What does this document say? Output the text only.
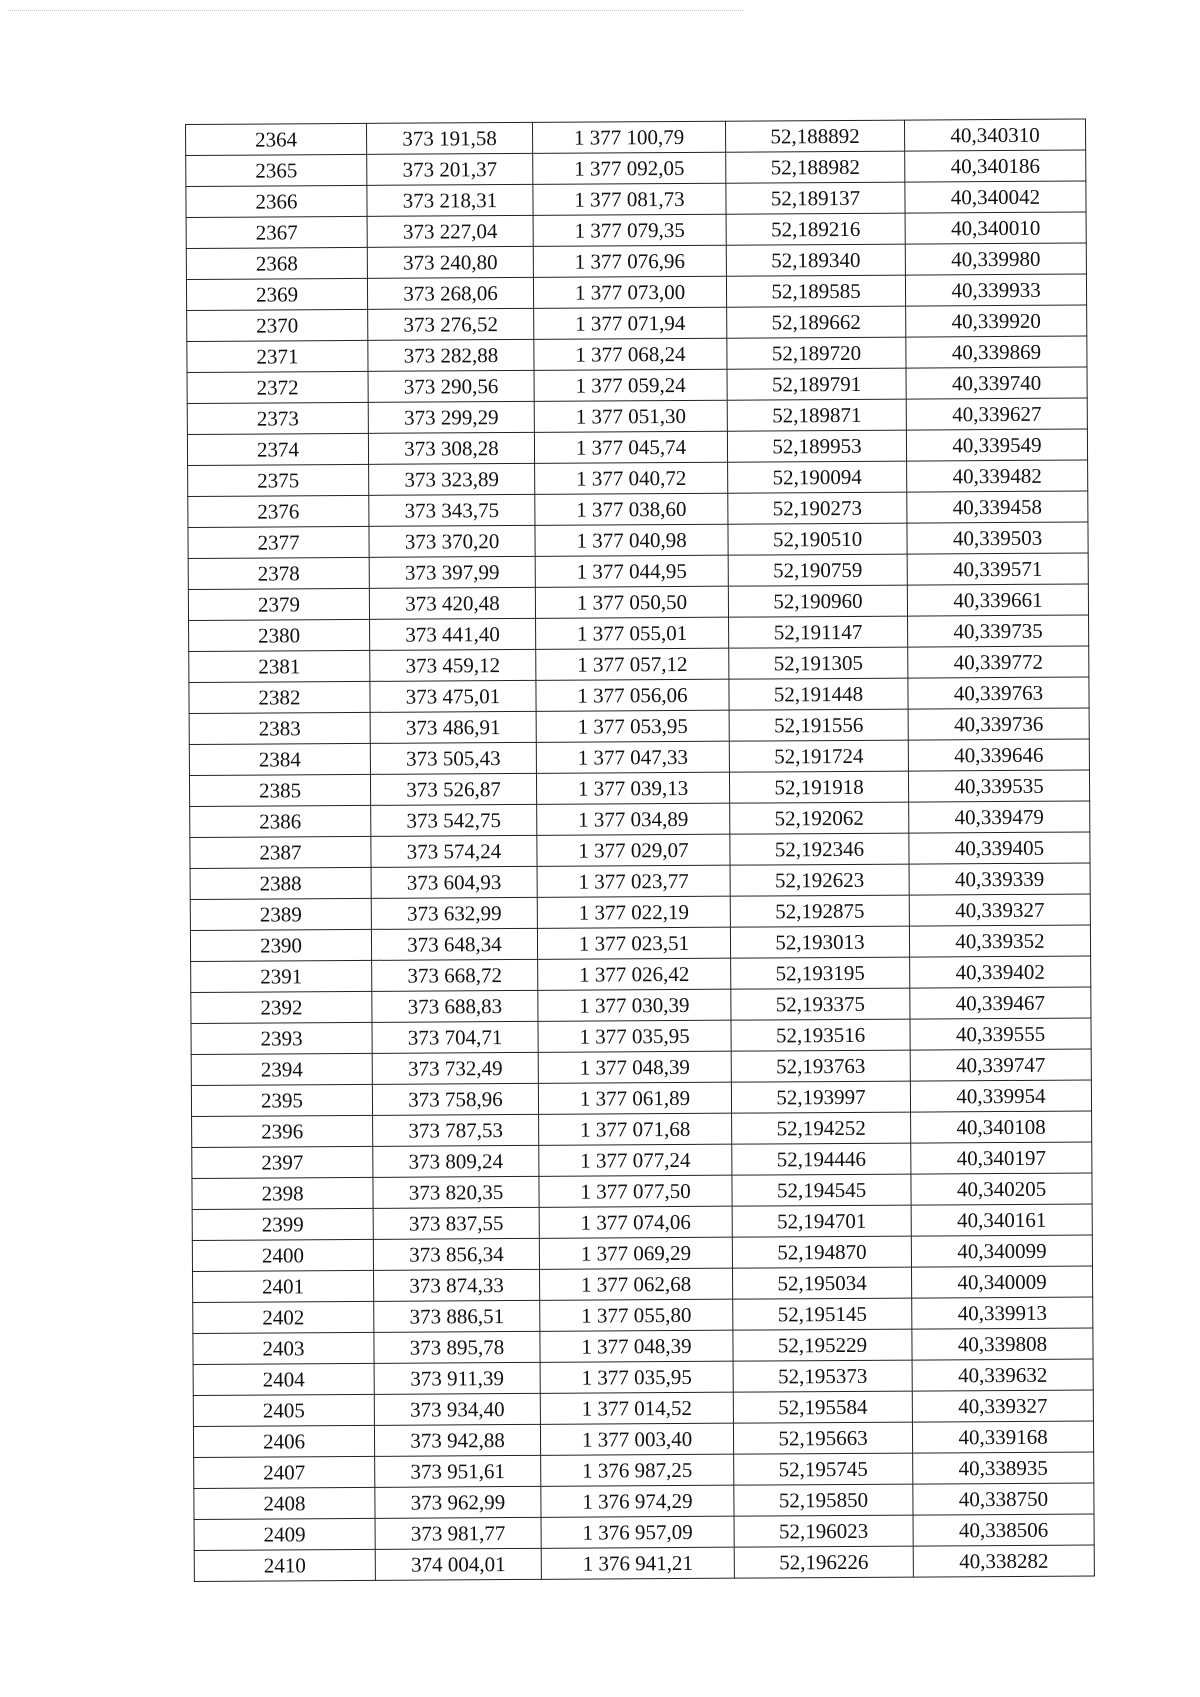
2364	373 191,58	1 377 100,79	52,188892	40,340310
2365	373 201,37	1 377 092,05	52,188982	40,340186
2366	373 218,31	1 377 081,73	52,189137	40,340042
2367	373 227,04	1 377 079,35	52,189216	40,340010
2368	373 240,80	1 377 076,96	52,189340	40,339980
2369	373 268,06	1 377 073,00	52,189585	40,339933
2370	373 276,52	1 377 071,94	52,189662	40,339920
2371	373 282,88	1 377 068,24	52,189720	40,339869
2372	373 290,56	1 377 059,24	52,189791	40,339740
2373	373 299,29	1 377 051,30	52,189871	40,339627
2374	373 308,28	1 377 045,74	52,189953	40,339549
2375	373 323,89	1 377 040,72	52,190094	40,339482
2376	373 343,75	1 377 038,60	52,190273	40,339458
2377	373 370,20	1 377 040,98	52,190510	40,339503
2378	373 397,99	1 377 044,95	52,190759	40,339571
2379	373 420,48	1 377 050,50	52,190960	40,339661
2380	373 441,40	1 377 055,01	52,191147	40,339735
2381	373 459,12	1 377 057,12	52,191305	40,339772
2382	373 475,01	1 377 056,06	52,191448	40,339763
2383	373 486,91	1 377 053,95	52,191556	40,339736
2384	373 505,43	1 377 047,33	52,191724	40,339646
2385	373 526,87	1 377 039,13	52,191918	40,339535
2386	373 542,75	1 377 034,89	52,192062	40,339479
2387	373 574,24	1 377 029,07	52,192346	40,339405
2388	373 604,93	1 377 023,77	52,192623	40,339339
2389	373 632,99	1 377 022,19	52,192875	40,339327
2390	373 648,34	1 377 023,51	52,193013	40,339352
2391	373 668,72	1 377 026,42	52,193195	40,339402
2392	373 688,83	1 377 030,39	52,193375	40,339467
2393	373 704,71	1 377 035,95	52,193516	40,339555
2394	373 732,49	1 377 048,39	52,193763	40,339747
2395	373 758,96	1 377 061,89	52,193997	40,339954
2396	373 787,53	1 377 071,68	52,194252	40,340108
2397	373 809,24	1 377 077,24	52,194446	40,340197
2398	373 820,35	1 377 077,50	52,194545	40,340205
2399	373 837,55	1 377 074,06	52,194701	40,340161
2400	373 856,34	1 377 069,29	52,194870	40,340099
2401	373 874,33	1 377 062,68	52,195034	40,340009
2402	373 886,51	1 377 055,80	52,195145	40,339913
2403	373 895,78	1 377 048,39	52,195229	40,339808
2404	373 911,39	1 377 035,95	52,195373	40,339632
2405	373 934,40	1 377 014,52	52,195584	40,339327
2406	373 942,88	1 377 003,40	52,195663	40,339168
2407	373 951,61	1 376 987,25	52,195745	40,338935
2408	373 962,99	1 376 974,29	52,195850	40,338750
2409	373 981,77	1 376 957,09	52,196023	40,338506
2410	374 004,01	1 376 941,21	52,196226	40,338282
